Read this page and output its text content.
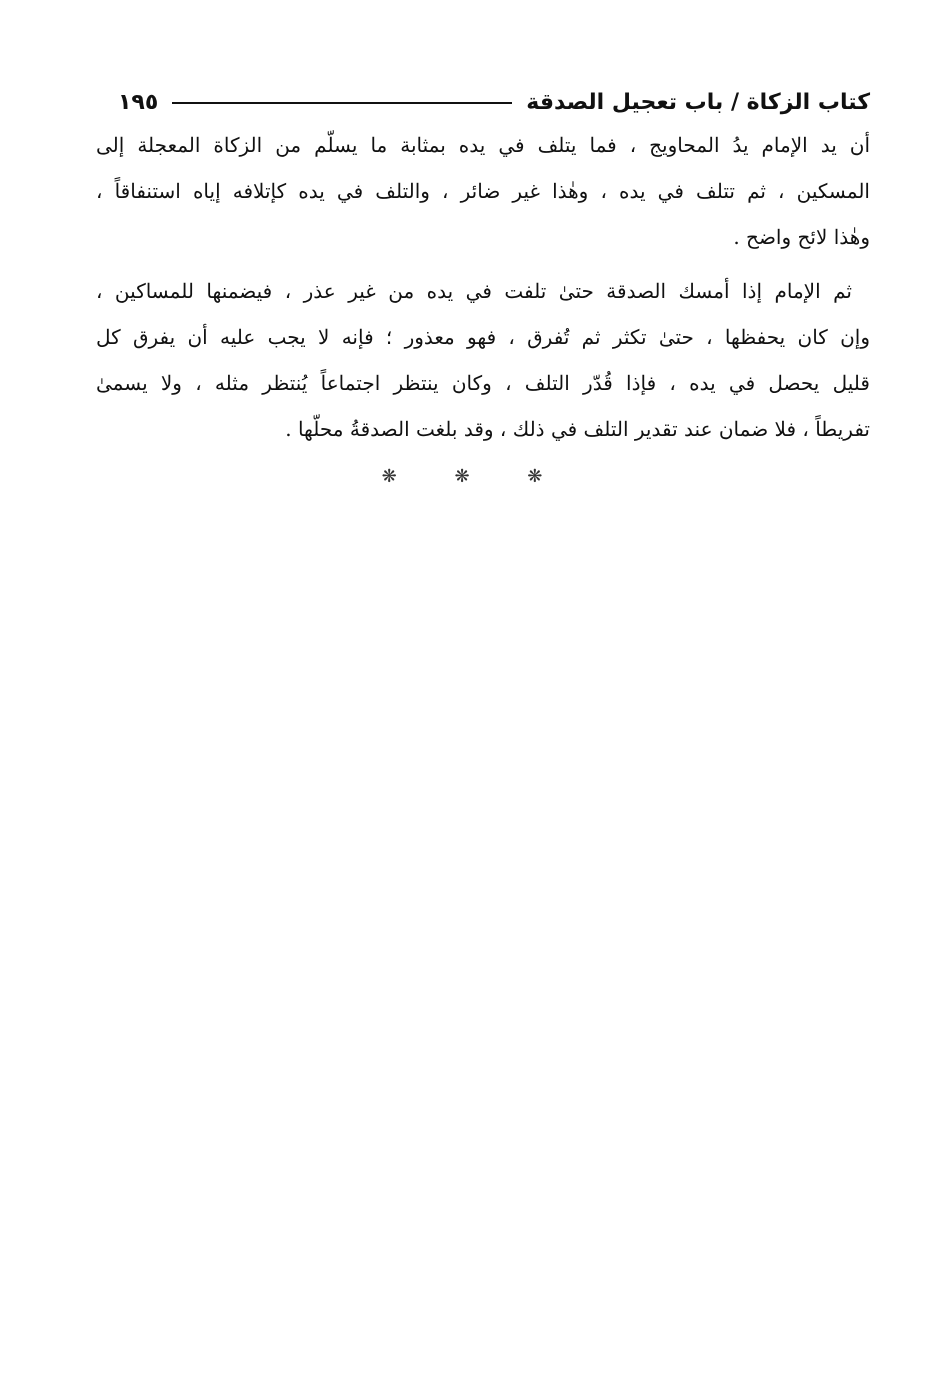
كتاب الزكاة / باب تعجيل الصدقة
١٩٥
أن يد الإمام يدُ المحاويج ، فما يتلف في يده بمثابة ما يسلّم من الزكاة المعجلة إلى
المسكين ، ثم تتلف في يده ، وهٰذا غير ضائر ، والتلف في يده كإتلافه إياه استنفاقاً ،
وهٰذا لائح واضح .
ثم الإمام إذا أمسك الصدقة حتىٰ تلفت في يده من غير عذر ، فيضمنها للمساكين ،
وإن كان يحفظها ، حتىٰ تكثر ثم تُفرق ، فهو معذور ؛ فإنه لا يجب عليه أن يفرق كل
قليل يحصل في يده ، فإذا قُدّر التلف ، وكان ينتظر اجتماعاً يُنتظر مثله ، ولا يسمىٰ
تفريطاً ، فلا ضمان عند تقدير التلف في ذلك ، وقد بلغت الصدقةُ محلّها .
❋ ❋ ❋
